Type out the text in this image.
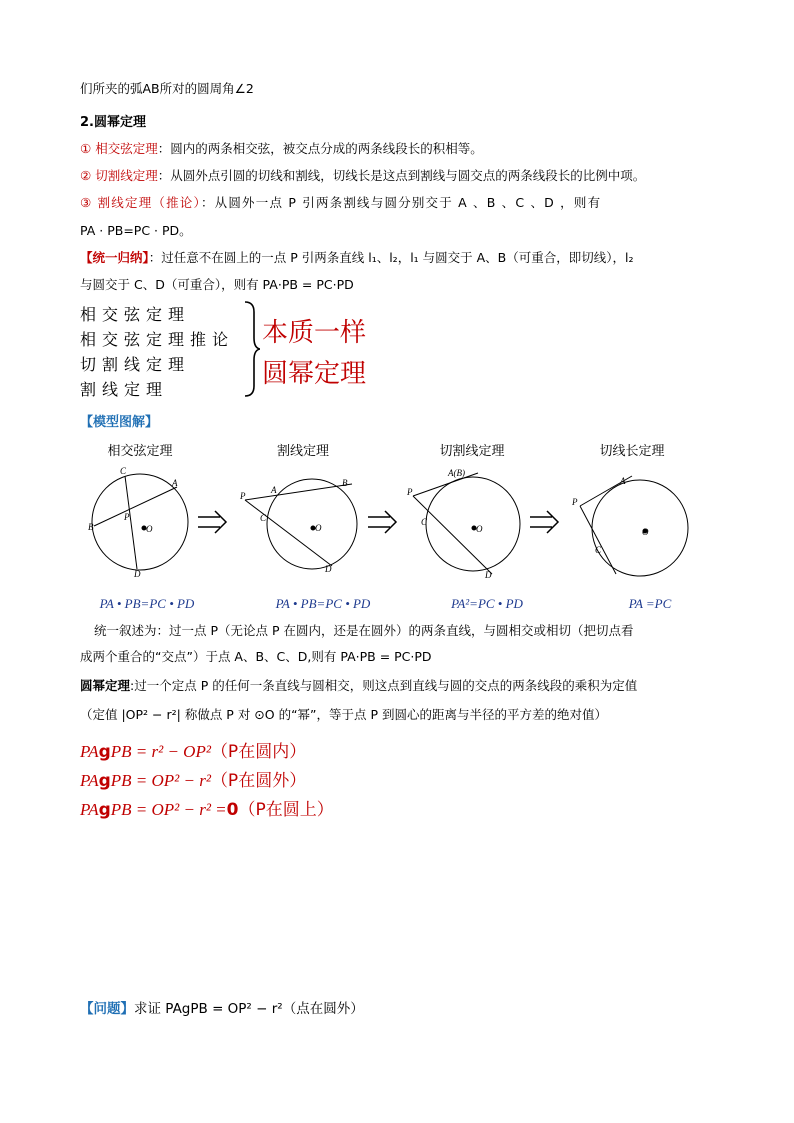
们所夹的弧AB所对的圆周角∠2
2.圆幂定理
① 相交弦定理：圆内的两条相交弦，被交点分成的两条线段长的积相等。
② 切割线定理：从圆外点引圆的切线和割线，切线长是这点到割线与圆交点的两条线段长的比例中项。
③ 割线定理（推论）：从圆外一点 P 引两条割线与圆分别交于 A 、B 、C 、D ，则有
PA · PB=PC · PD。
【统一归纳】：过任意不在圆上的一点 P 引两条直线 l₁、l₂，l₁ 与圆交于 A、B（可重合，即切线），l₂
与圆交于 C、D（可重合），则有 PA·PB = PC·PD
相交弦定理
相交弦定理推论
切割线定理
割线定理
本质一样
圆幂定理
【模型图解】
相交弦定理	割线定理	切割线定理	切线长定理
C
A
B
P
O
D
P
A
B
C
O
D
P
A(B)
C
O
D
P
A
C
O
PA • PB=PC • PD	PA • PB=PC • PD	PA²=PC • PD	PA =PC
统一叙述为：过一点 P（无论点 P 在圆内，还是在圆外）的两条直线，与圆相交或相切（把切点看
成两个重合的“交点”）于点 A、B、C、D,则有 PA·PB = PC·PD
圆幂定理:过一个定点 P 的任何一条直线与圆相交，则这点到直线与圆的交点的两条线段的乘积为定值
（定值 |OP² − r²| 称做点 P 对 ⊙O 的“幂”，等于点 P 到圆心的距离与半径的平方差的绝对值）
PAgPB = r² − OP²（P在圆内）
PAgPB = OP² − r²（P在圆外）
PAgPB = OP² − r² =0（P在圆上）
【问题】求证 PAgPB = OP² − r²（点在圆外）
